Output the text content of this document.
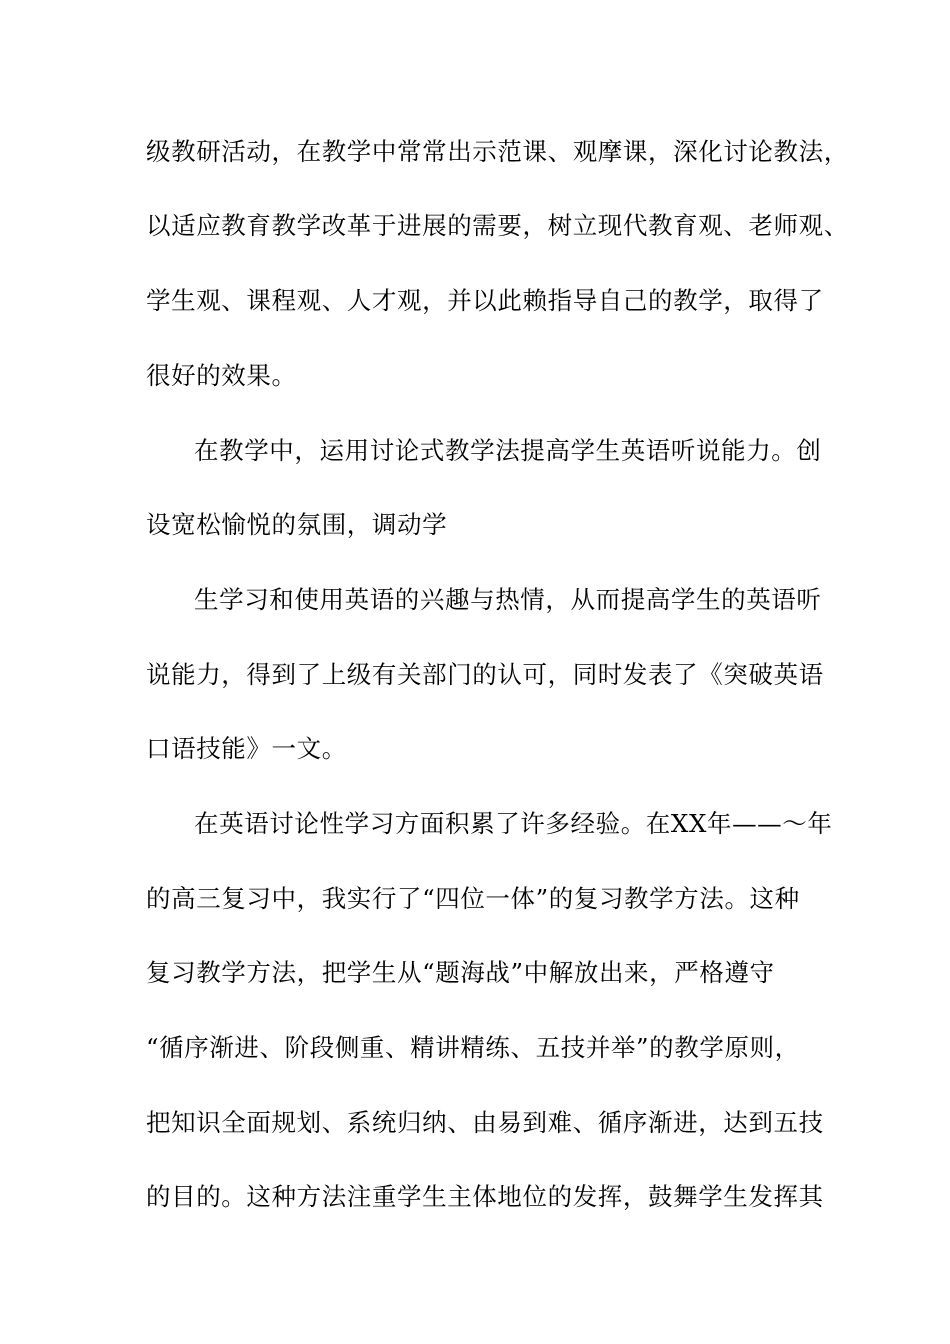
级教研活动，在教学中常常出示范课、观摩课，深化讨论教法，
以适应教育教学改革于进展的需要，树立现代教育观、老师观、
学生观、课程观、人才观，并以此赖指导自己的教学，取得了
很好的效果。
在教学中，运用讨论式教学法提高学生英语听说能力。创
设宽松愉悦的氛围，调动学
生学习和使用英语的兴趣与热情，从而提高学生的英语听
说能力，得到了上级有关部门的认可，同时发表了《突破英语
口语技能》一文。
在英语讨论性学习方面积累了许多经验。在XX年——～年
的高三复习中，我实行了“四位一体”的复习教学方法。这种
复习教学方法，把学生从“题海战”中解放出来，严格遵守
“循序渐进、阶段侧重、精讲精练、五技并举”的教学原则，
把知识全面规划、系统归纳、由易到难、循序渐进，达到五技
的目的。这种方法注重学生主体地位的发挥，鼓舞学生发挥其
